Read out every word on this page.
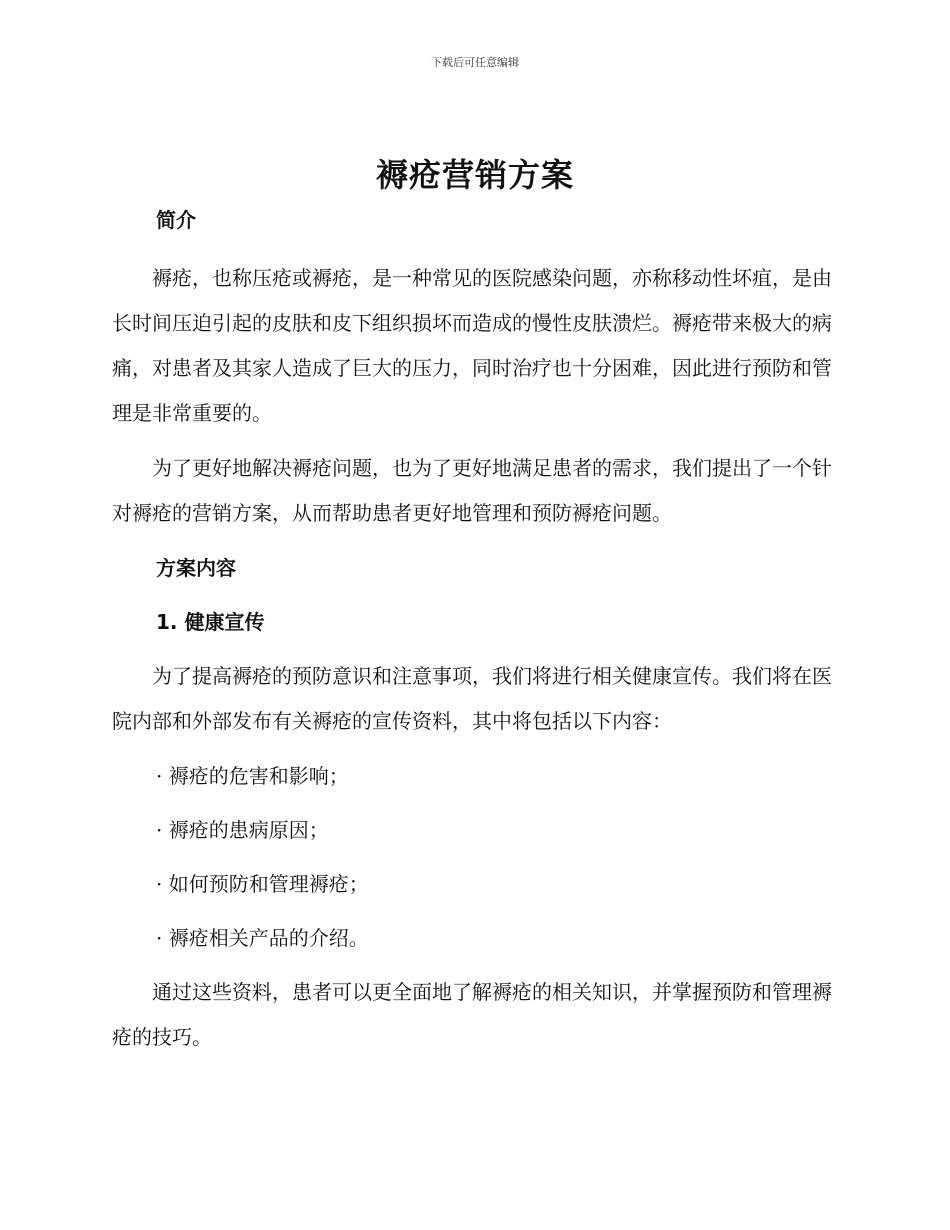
下载后可任意编辑
褥疮营销方案

简介

褥疮，也称压疮或褥疮，是一种常见的医院感染问题，亦称移动性坏疽，是由长时间压迫引起的皮肤和皮下组织损坏而造成的慢性皮肤溃烂。褥疮带来极大的病痛，对患者及其家人造成了巨大的压力，同时治疗也十分困难，因此进行预防和管理是非常重要的。

为了更好地解决褥疮问题，也为了更好地满足患者的需求，我们提出了一个针对褥疮的营销方案，从而帮助患者更好地管理和预防褥疮问题。

方案内容

1. 健康宣传

为了提高褥疮的预防意识和注意事项，我们将进行相关健康宣传。我们将在医院内部和外部发布有关褥疮的宣传资料，其中将包括以下内容：

· 褥疮的危害和影响；

· 褥疮的患病原因；

· 如何预防和管理褥疮；

· 褥疮相关产品的介绍。

通过这些资料，患者可以更全面地了解褥疮的相关知识，并掌握预防和管理褥疮的技巧。
